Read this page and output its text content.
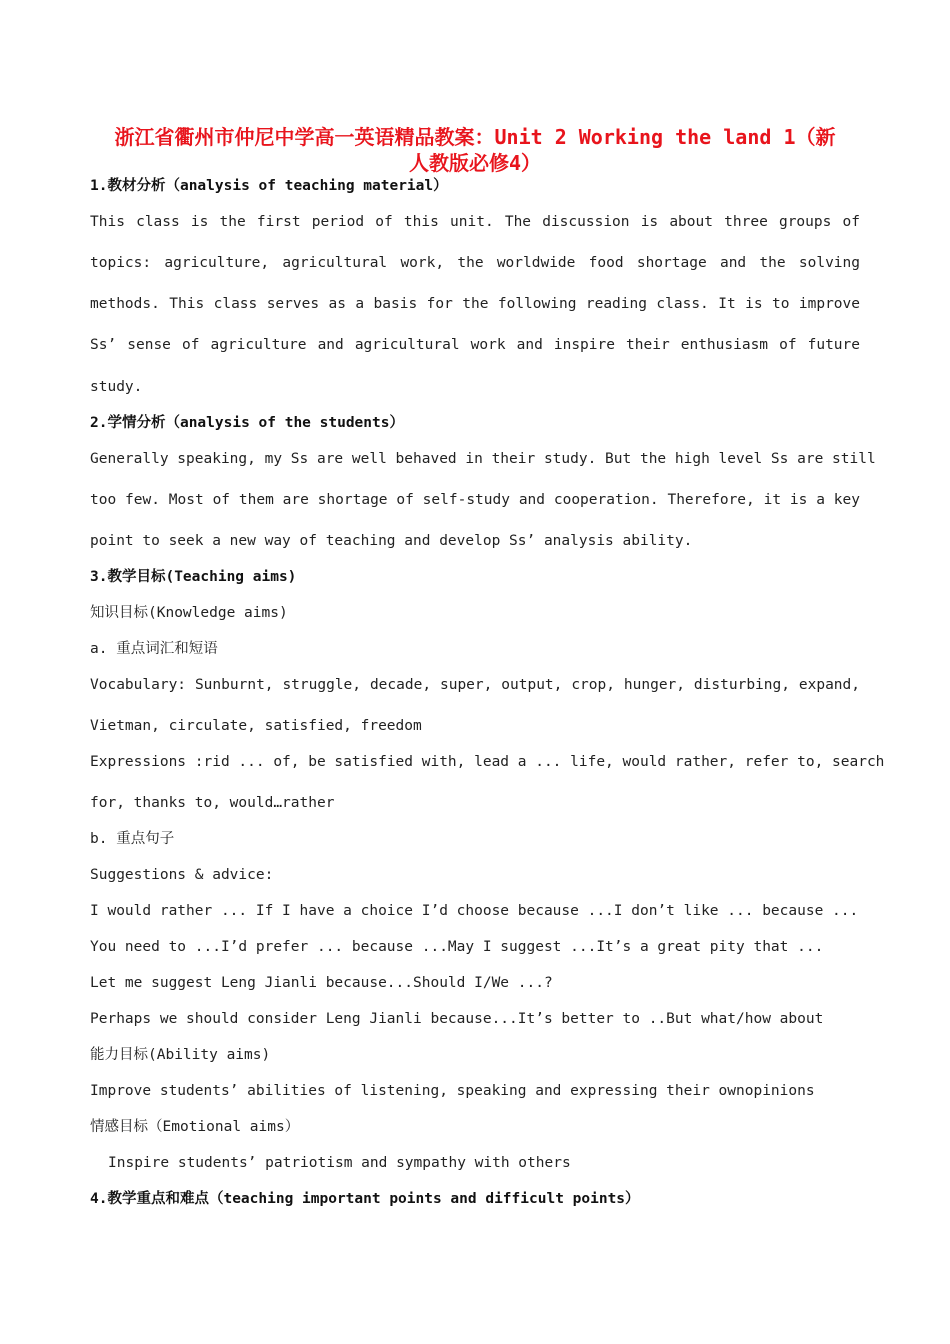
浙江省衢州市仲尼中学高一英语精品教案：Unit 2 Working the land 1（新
人教版必修4）
1.教材分析（analysis of teaching material）
This class is the first period of this unit. The discussion is about three groups of
topics: agriculture, agricultural work, the worldwide food shortage and the solving
methods. This class serves as a basis for the following reading class. It is to improve
Ss’ sense of agriculture and agricultural work and inspire their enthusiasm of future
study.
2.学情分析（analysis of the students）
Generally speaking, my Ss are well behaved in their study. But the high level Ss are still
too few. Most of them are shortage of self-study and cooperation. Therefore, it is a key
point to seek a new way of teaching and develop Ss’ analysis ability.
3.教学目标(Teaching aims)
知识目标(Knowledge aims)
a. 重点词汇和短语
Vocabulary: Sunburnt, struggle, decade, super, output, crop, hunger, disturbing, expand,
Vietman, circulate, satisfied, freedom
Expressions :rid ... of, be satisfied with, lead a ... life, would rather, refer to, search
for, thanks to, would…rather
b. 重点句子
Suggestions & advice:
I would rather ... If I have a choice I’d choose because ...I don’t like ... because ...
You need to ...I’d prefer ... because ...May I suggest ...It’s a great pity that ...
Let me suggest Leng Jianli because...Should I/We ...?
Perhaps we should consider Leng Jianli because...It’s better to ..But what/how about
能力目标(Ability aims)
Improve students’ abilities of listening, speaking and expressing their ownopinions
情感目标（Emotional aims）
Inspire students’ patriotism and sympathy with others
4.教学重点和难点（teaching important points and difficult points）
